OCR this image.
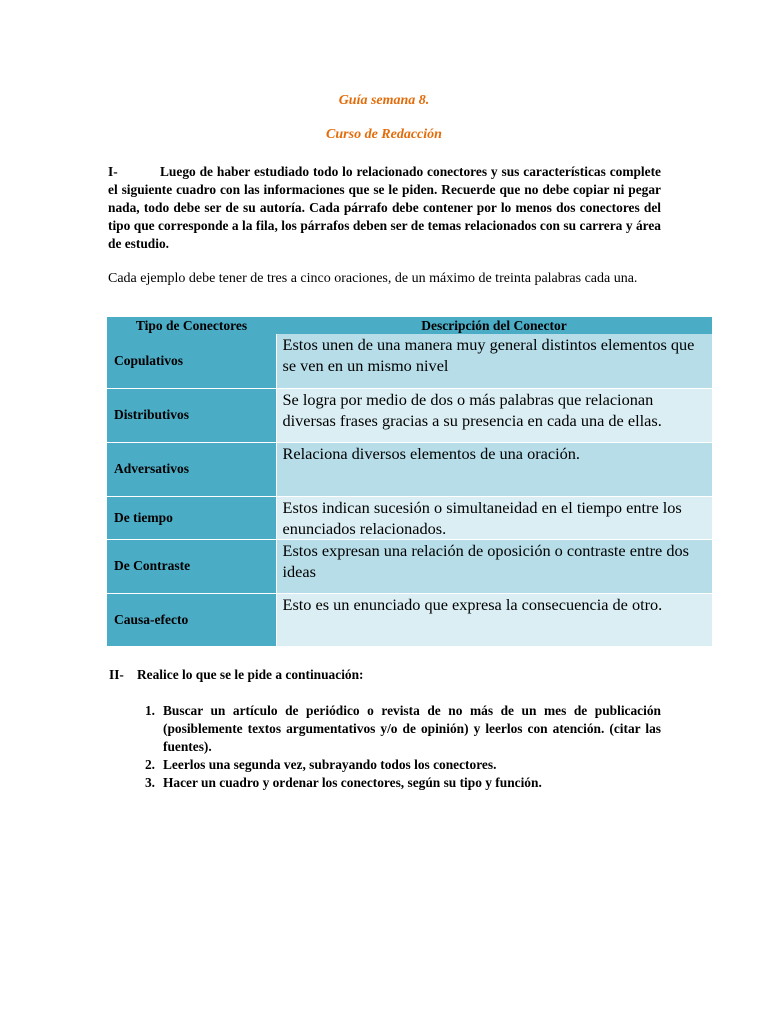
Guía semana 8.
Curso de Redacción
I-	Luego de haber estudiado todo lo relacionado conectores y sus características complete el siguiente cuadro con las informaciones que se le piden. Recuerde que no debe copiar ni pegar nada, todo debe ser de su autoría. Cada párrafo debe contener por lo menos dos conectores del tipo que corresponde a la fila, los párrafos deben ser de temas relacionados con su carrera y área de estudio.
Cada ejemplo debe tener de tres a cinco oraciones, de un máximo de treinta palabras cada una.
Tipo de Conectores	Descripción del Conector
Copulativos	Estos unen de una manera muy general distintos elementos que se ven en un mismo nivel
Distributivos	Se logra por medio de dos o más palabras que relacionan diversas frases gracias a su presencia en cada una de ellas.
Adversativos	Relaciona diversos elementos de una oración.
De tiempo	Estos indican sucesión o simultaneidad en el tiempo entre los enunciados relacionados.
De Contraste	Estos expresan una relación de oposición o contraste entre dos ideas
Causa-efecto	Esto es un enunciado que expresa la consecuencia de otro.
II- Realice lo que se le pide a continuación:
1. Buscar un artículo de periódico o revista de no más de un mes de publicación (posiblemente textos argumentativos y/o de opinión) y leerlos con atención. (citar las fuentes).
2. Leerlos una segunda vez, subrayando todos los conectores.
3. Hacer un cuadro y ordenar los conectores, según su tipo y función.
